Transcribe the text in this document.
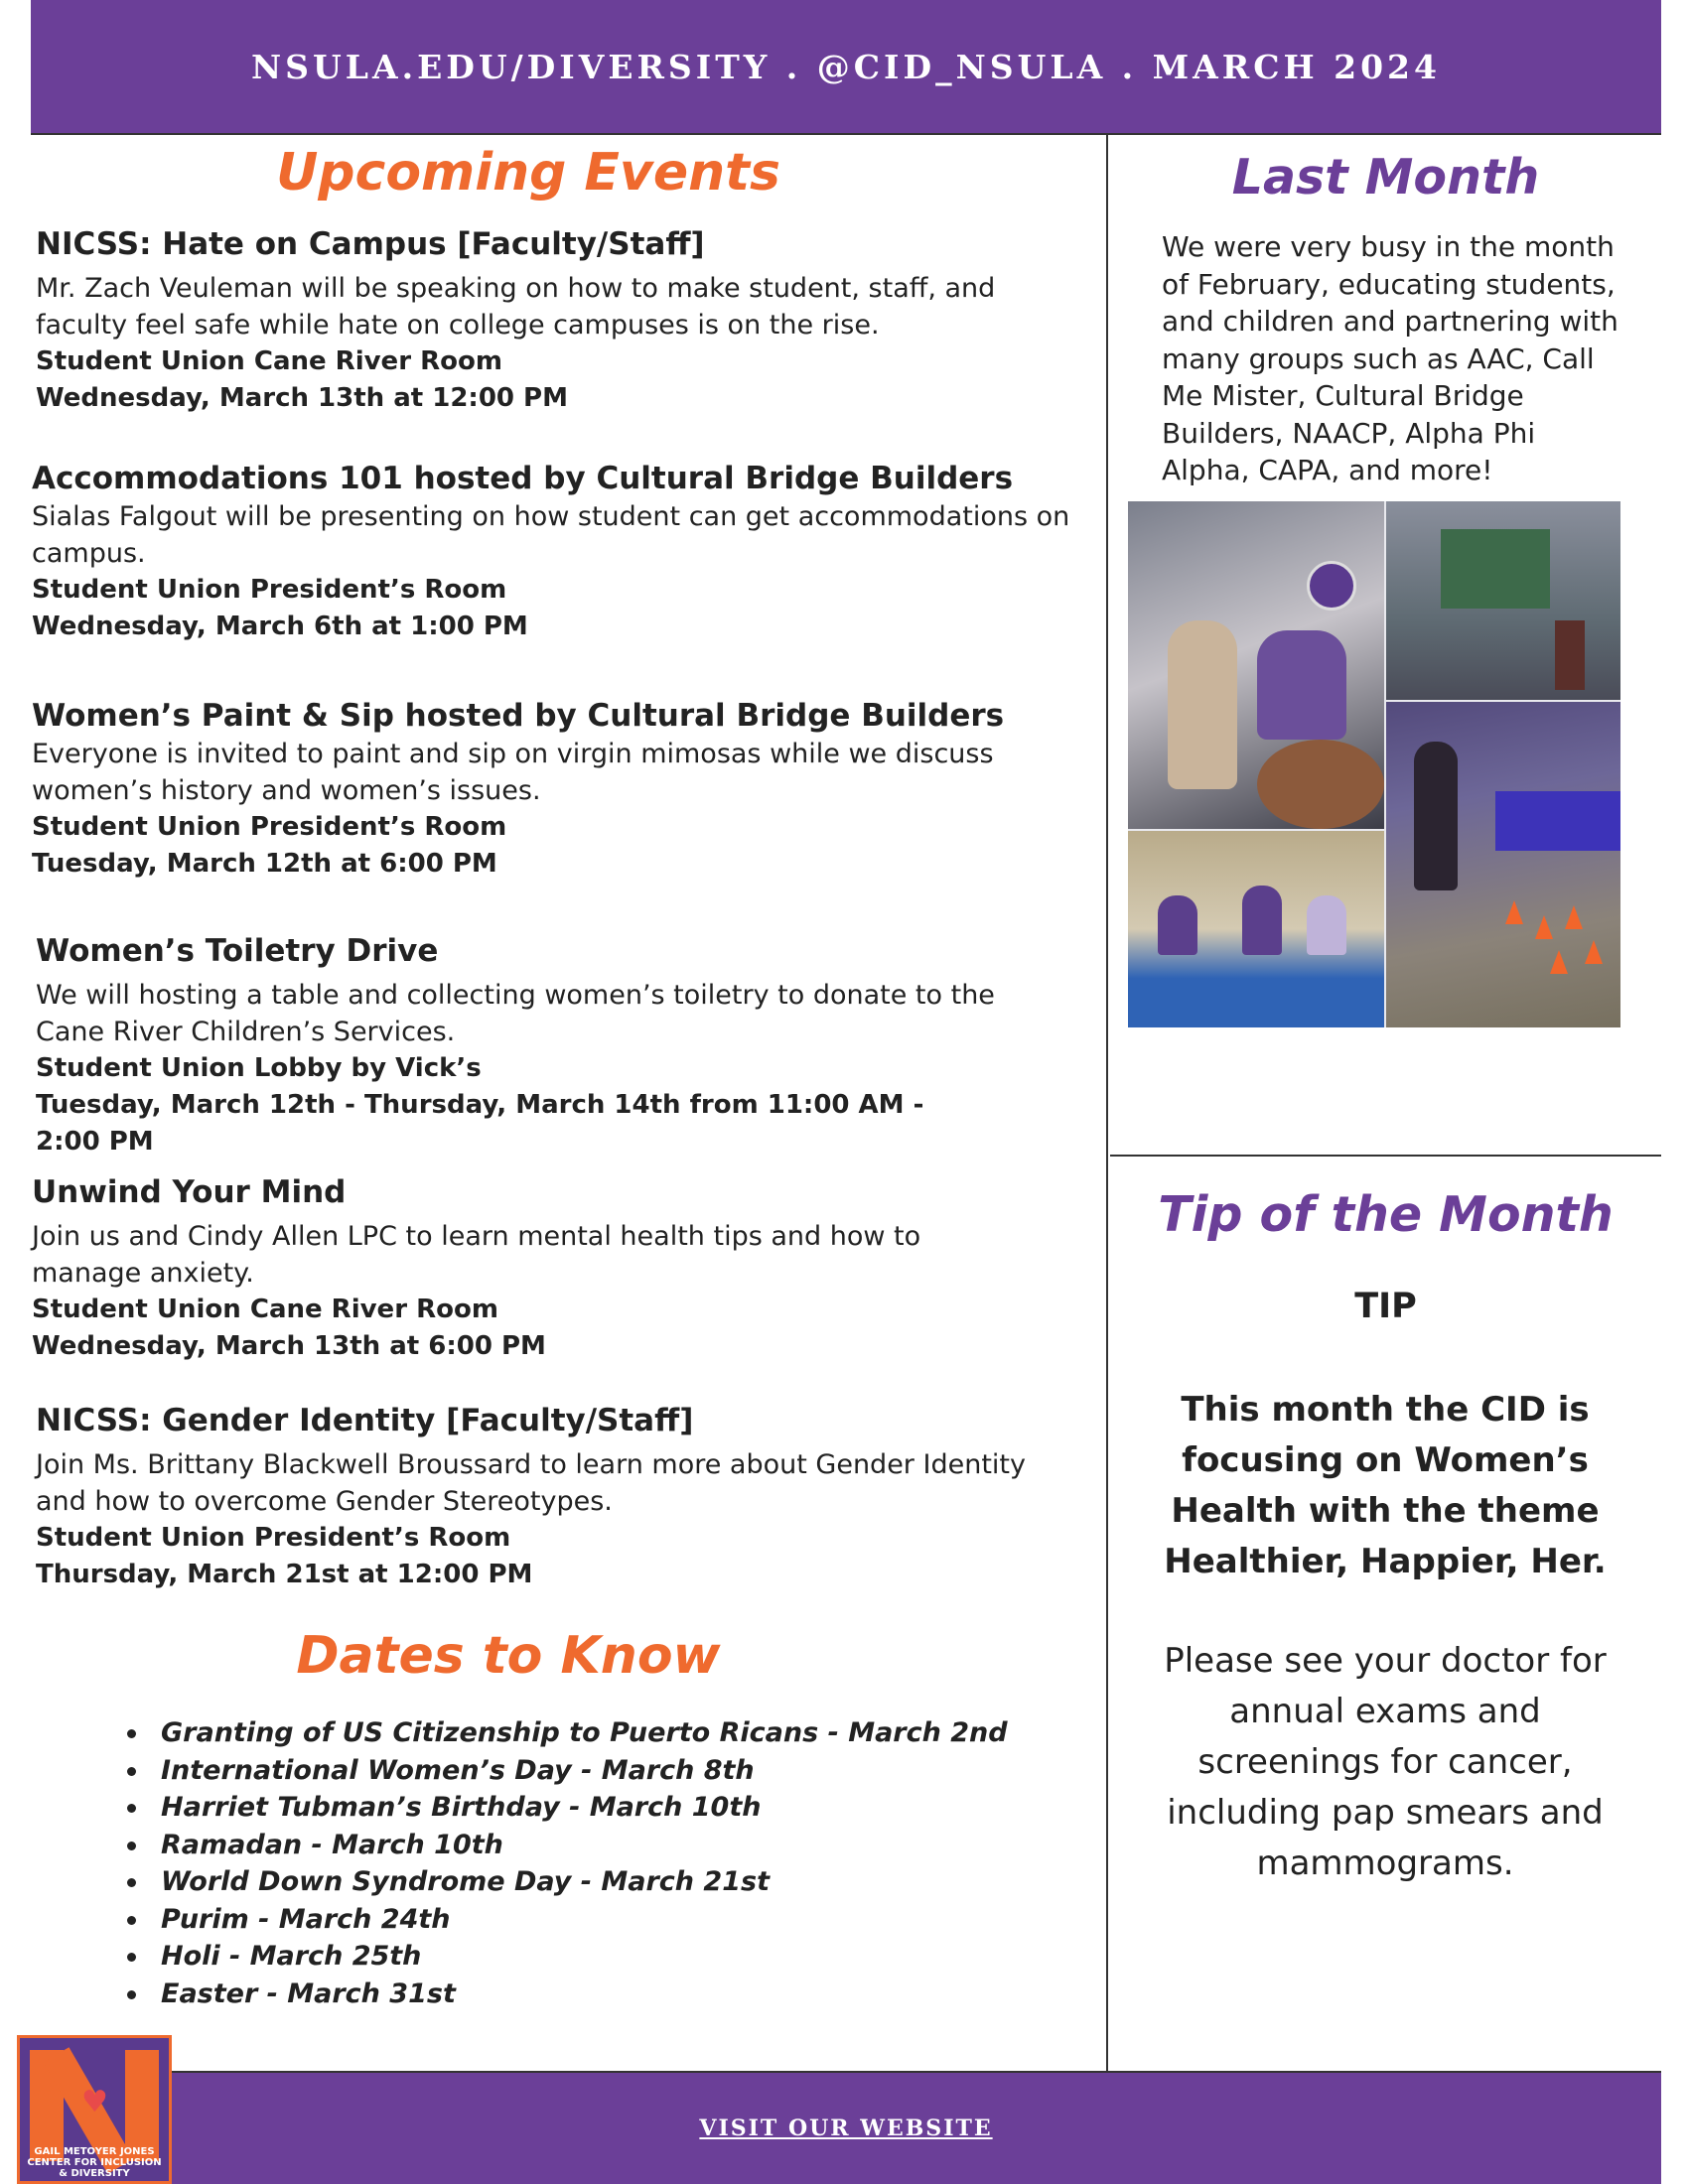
NSULA.EDU/DIVERSITY . @CID_NSULA . MARCH 2024
Upcoming Events

NICSS: Hate on Campus [Faculty/Staff]

Mr. Zach Veuleman will be speaking on how to make student, staff, and faculty feel safe while hate on college campuses is on the rise.

Student Union Cane River Room

Wednesday, March 13th at 12:00 PM

Accommodations 101 hosted by Cultural Bridge Builders

Sialas Falgout will be presenting on how student can get accommodations on campus.

Student Union President’s Room

Wednesday, March 6th at 1:00 PM

Women’s Paint & Sip hosted by Cultural Bridge Builders

Everyone is invited to paint and sip on virgin mimosas while we discuss women’s history and women’s issues.

Student Union President’s Room

Tuesday, March 12th at 6:00 PM

Women’s Toiletry Drive

We will hosting a table and collecting women’s toiletry to donate to the Cane River Children’s Services.

Student Union Lobby by Vick’s

Tuesday, March 12th - Thursday, March 14th from 11:00 AM - 2:00 PM

Unwind Your Mind

Join us and Cindy Allen LPC to learn mental health tips and how to manage anxiety.

Student Union Cane River Room

Wednesday, March 13th at 6:00 PM

NICSS: Gender Identity [Faculty/Staff]

Join Ms. Brittany Blackwell Broussard to learn more about Gender Identity and how to overcome Gender Stereotypes.

Student Union President’s Room

Thursday, March 21st at 12:00 PM

Dates to Know
Granting of US Citizenship to Puerto Ricans - March 2nd
International Women’s Day - March 8th
Harriet Tubman’s Birthday - March 10th
Ramadan - March 10th
World Down Syndrome Day - March 21st
Purim - March 24th
Holi - March 25th
Easter - March 31st
Last Month

We were very busy in the month of February, educating students, and children and partnering with many groups such as AAC, Call Me Mister, Cultural Bridge Builders, NAACP, Alpha Phi Alpha, CAPA, and more!

Tip of the Month

TIP

This month the CID is focusing on Women’s Health with the theme Healthier, Happier, Her.

Please see your doctor for annual exams and screenings for cancer, including pap smears and mammograms.

VISIT OUR WEBSITE
♥
GAIL METOYER JONES CENTER FOR INCLUSION & DIVERSITY
